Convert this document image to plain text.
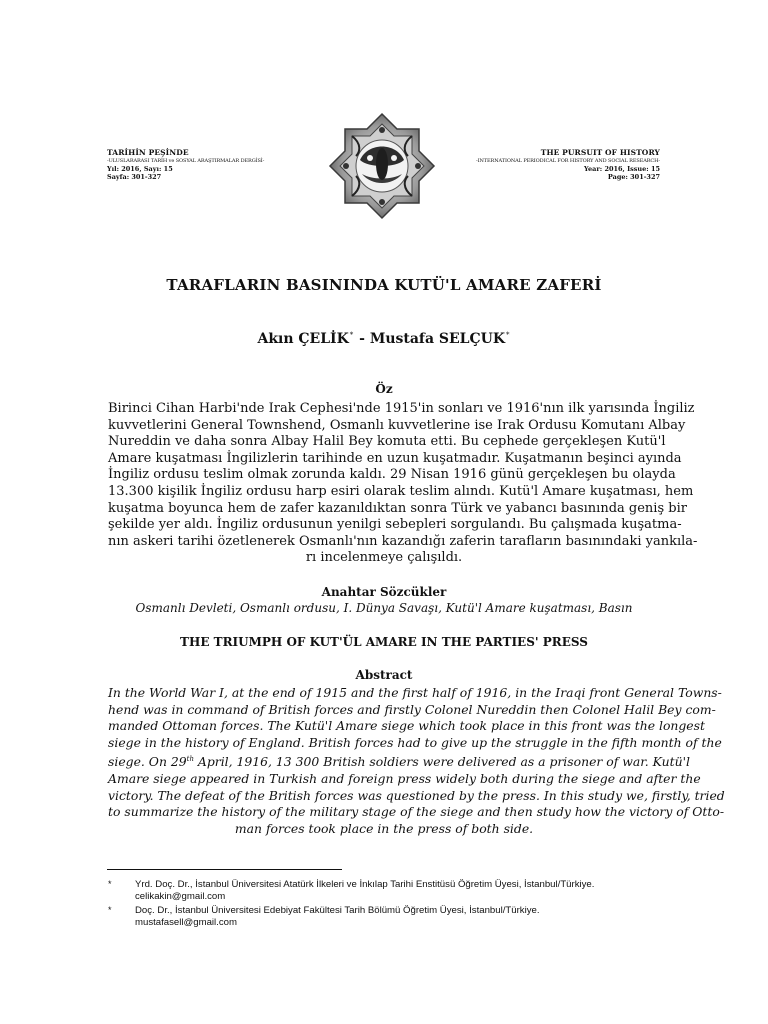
TARİHİN PEŞİNDE
-ULUSLARARASI TARİH ve SOSYAL ARAŞTIRMALAR DERGİSİ-
Yıl: 2016, Sayı: 15
Sayfa: 301-327
THE PURSUIT OF HISTORY
-INTERNATIONAL PERIODICAL FOR HISTORY AND SOCIAL RESEARCH-
Year: 2016, Issue: 15
Page: 301-327
TARAFLARIN BASININDA KUTÜ'L AMARE ZAFERİ
Akın ÇELİK* - Mustafa SELÇUK*
Öz
Birinci Cihan Harbi'nde Irak Cephesi'nde 1915'in sonları ve 1916'nın ilk yarısında İngiliz
kuvvetlerini General Townshend, Osmanlı kuvvetlerine ise Irak Ordusu Komutanı Albay
Nureddin ve daha sonra Albay Halil Bey komuta etti. Bu cephede gerçekleşen Kutü'l
Amare kuşatması İngilizlerin tarihinde en uzun kuşatmadır. Kuşatmanın beşinci ayında
İngiliz ordusu teslim olmak zorunda kaldı. 29 Nisan 1916 günü gerçekleşen bu olayda
13.300 kişilik İngiliz ordusu harp esiri olarak teslim alındı. Kutü'l Amare kuşatması, hem
kuşatma boyunca hem de zafer kazanıldıktan sonra Türk ve yabancı basınında geniş bir
şekilde yer aldı. İngiliz ordusunun yenilgi sebepleri sorgulandı. Bu çalışmada kuşatma-
nın askeri tarihi özetlenerek Osmanlı'nın kazandığı zaferin tarafların basınındaki yankıla-
rı incelenmeye çalışıldı.
Anahtar Sözcükler
Osmanlı Devleti, Osmanlı ordusu, I. Dünya Savaşı, Kutü'l Amare kuşatması, Basın
THE TRIUMPH OF KUT'ÜL AMARE IN THE PARTIES' PRESS
Abstract
In the World War I, at the end of 1915 and the first half of 1916, in the Iraqi front General Towns-
hend was in command of British forces and firstly Colonel Nureddin then Colonel Halil Bey com-
manded Ottoman forces. The Kutü'l Amare siege which took place in this front was the longest
siege in the history of England. British forces had to give up the struggle in the fifth month of the
siege. On 29th April, 1916, 13 300 British soldiers were delivered as a prisoner of war. Kutü'l
Amare siege appeared in Turkish and foreign press widely both during the siege and after the
victory. The defeat of the British forces was questioned by the press. In this study we, firstly, tried
to summarize the history of the military stage of the siege and then study how the victory of Otto-
man forces took place in the press of both side.
* Yrd. Doç. Dr., İstanbul Üniversitesi Atatürk İlkeleri ve İnkılap Tarihi Enstitüsü Öğretim Üyesi, İstanbul/Türkiye.
celikakin@gmail.com
* Doç. Dr., İstanbul Üniversitesi Edebiyat Fakültesi Tarih Bölümü Öğretim Üyesi, İstanbul/Türkiye.
mustafasell@gmail.com
